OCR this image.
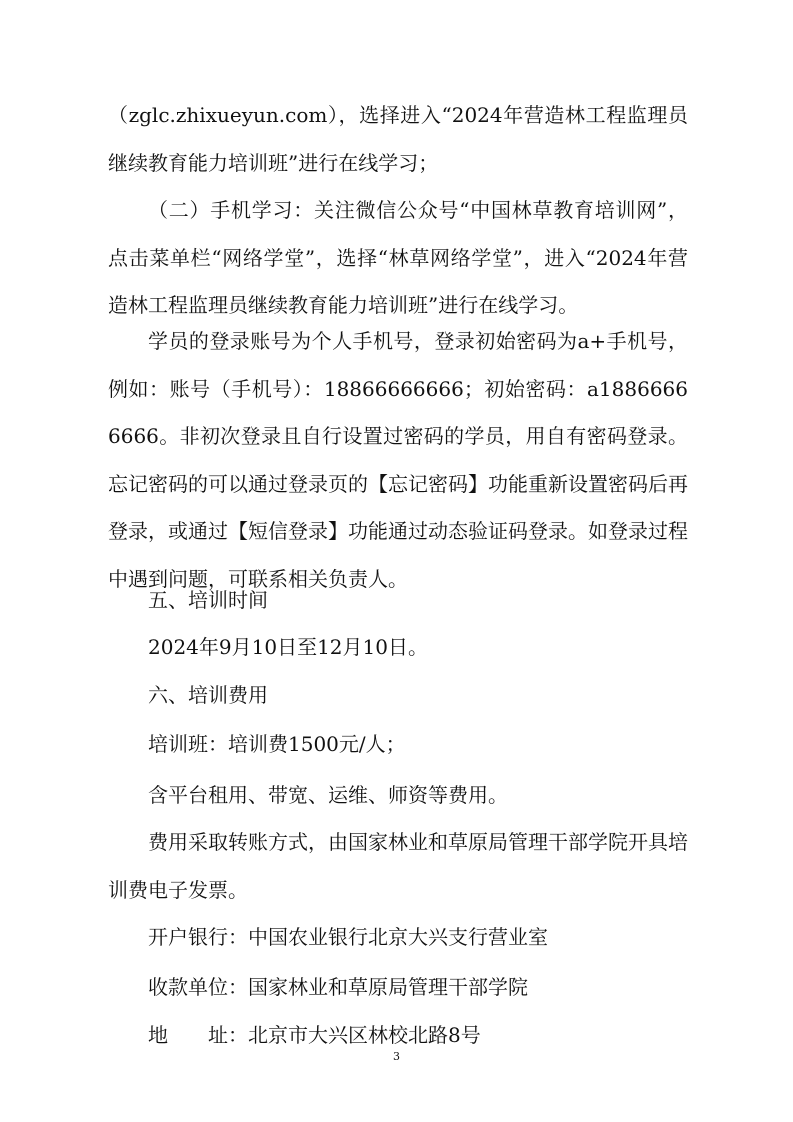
（zglc.zhixueyun.com），选择进入“2024年营造林工程监理员继续教育能力培训班”进行在线学习；

（二）手机学习：关注微信公众号“中国林草教育培训网”，点击菜单栏“网络学堂”，选择“林草网络学堂”，进入“2024年营造林工程监理员继续教育能力培训班”进行在线学习。

学员的登录账号为个人手机号，登录初始密码为a+手机号，例如：账号（手机号）：18866666666；初始密码：a18866666666。非初次登录且自行设置过密码的学员，用自有密码登录。忘记密码的可以通过登录页的【忘记密码】功能重新设置密码后再登录，或通过【短信登录】功能通过动态验证码登录。如登录过程中遇到问题，可联系相关负责人。

五、培训时间

2024年9月10日至12月10日。

六、培训费用

培训班：培训费1500元/人；

含平台租用、带宽、运维、师资等费用。

费用采取转账方式，由国家林业和草原局管理干部学院开具培训费电子发票。

开户银行：中国农业银行北京大兴支行营业室

收款单位：国家林业和草原局管理干部学院

地　　址：北京市大兴区林校北路8号

3
